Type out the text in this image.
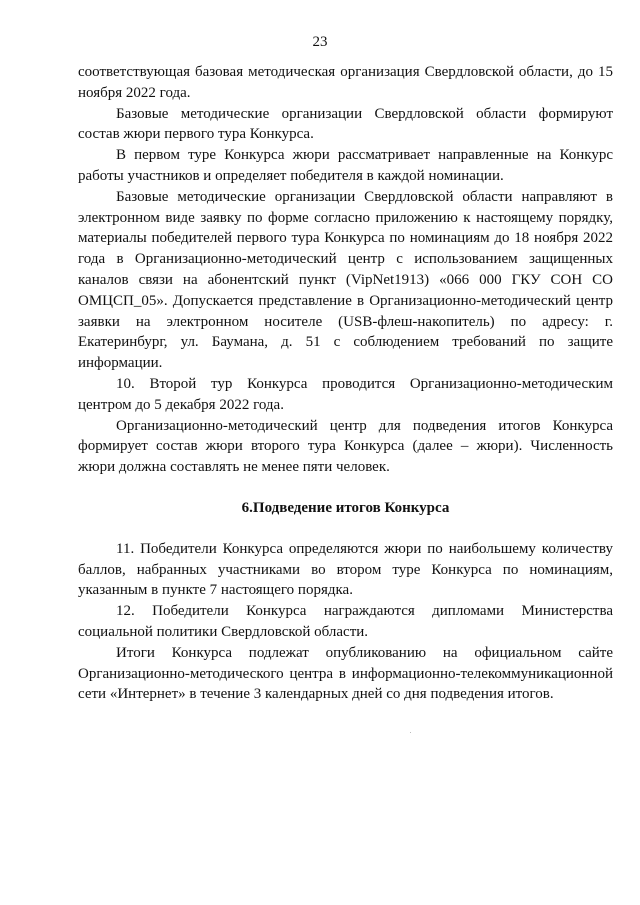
23

соответствующая базовая методическая организация Свердловской области, до 15 ноября 2022 года.

Базовые методические организации Свердловской области формируют состав жюри первого тура Конкурса.

В первом туре Конкурса жюри рассматривает направленные на Конкурс работы участников и определяет победителя в каждой номинации.

Базовые методические организации Свердловской области направляют в электронном виде заявку по форме согласно приложению к настоящему порядку, материалы победителей первого тура Конкурса по номинациям до 18 ноября 2022 года в Организационно-методический центр с использованием защищенных каналов связи на абонентский пункт (VipNet1913) «066 000 ГКУ СОН СО ОМЦСП_05». Допускается представление в Организационно-методический центр заявки на электронном носителе (USB-флеш-накопитель) по адресу: г. Екатеринбург, ул. Баумана, д. 51 с соблюдением требований по защите информации.

10. Второй тур Конкурса проводится Организационно-методическим центром до 5 декабря 2022 года.

Организационно-методический центр для подведения итогов Конкурса формирует состав жюри второго тура Конкурса (далее – жюри). Численность жюри должна составлять не менее пяти человек.

6.Подведение итогов Конкурса

11. Победители Конкурса определяются жюри по наибольшему количеству баллов, набранных участниками во втором туре Конкурса по номинациям, указанным в пункте 7 настоящего порядка.

12. Победители Конкурса награждаются дипломами Министерства социальной политики Свердловской области.

Итоги Конкурса подлежат опубликованию на официальном сайте Организационно-методического центра в информационно-телекоммуникационной сети «Интернет» в течение 3 календарных дней со дня подведения итогов.
